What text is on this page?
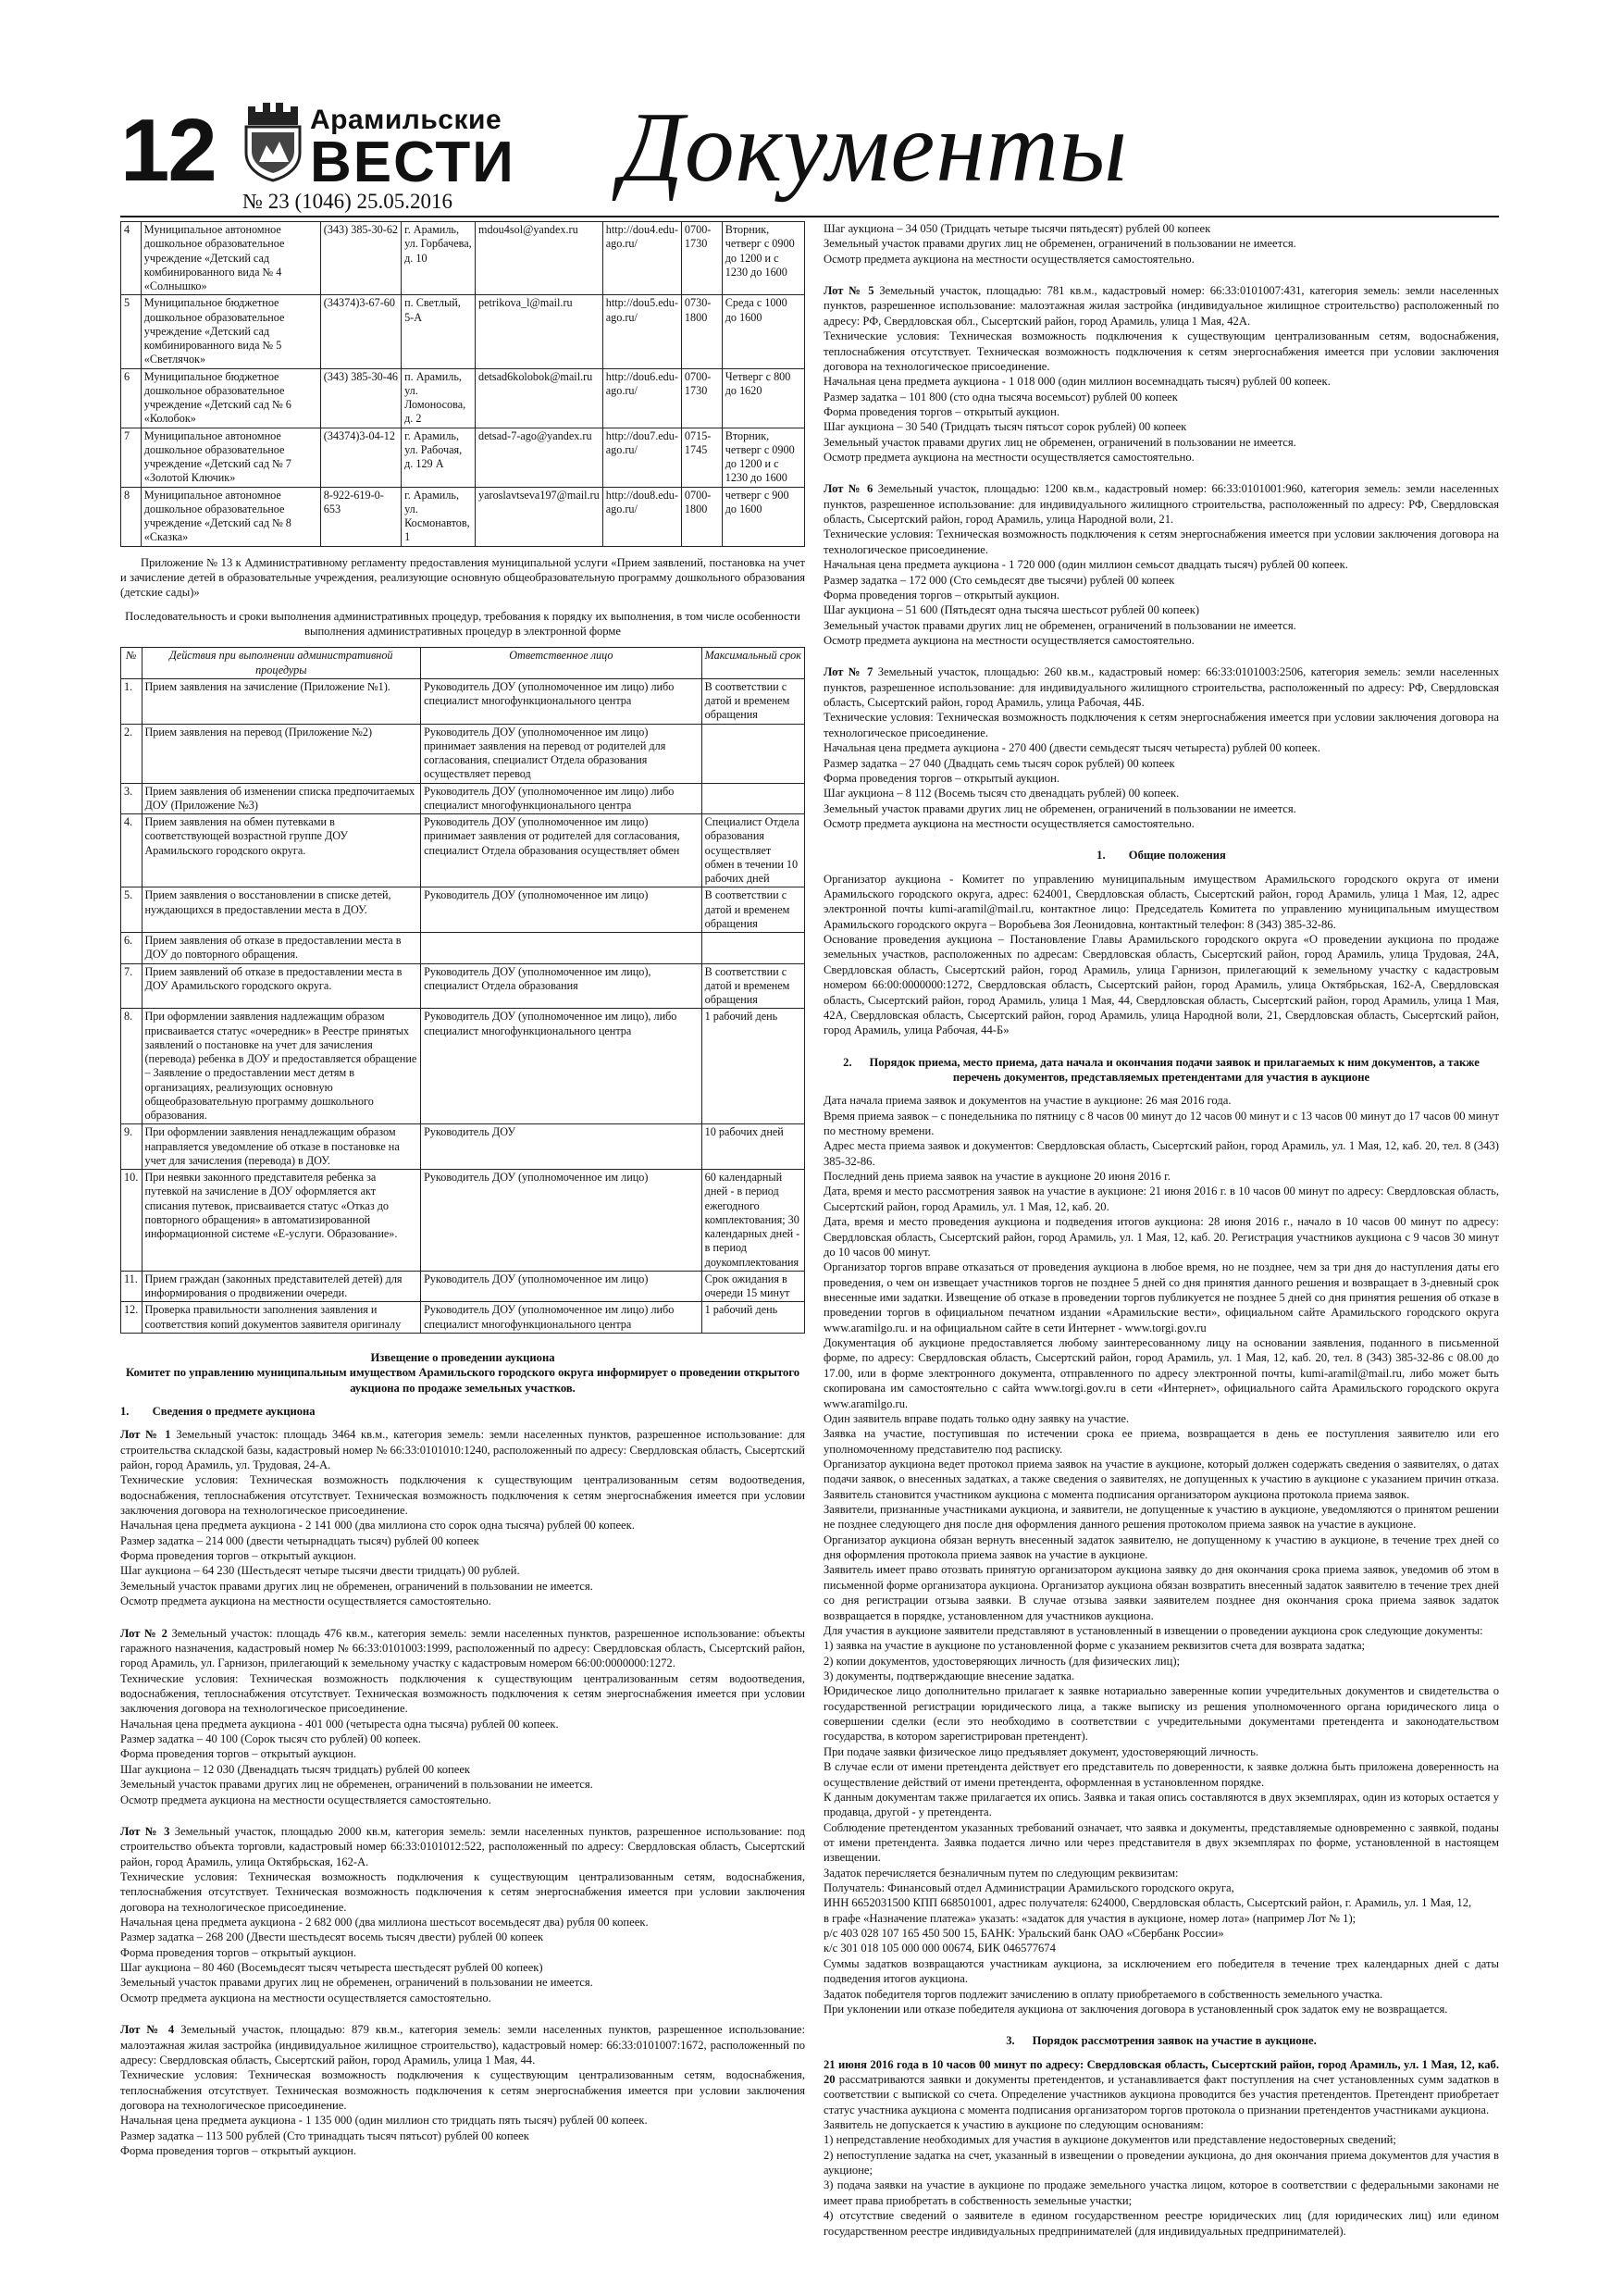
12	Арамильские
ВЕСТИ
№ 23 (1046) 25.05.2016 Документы
4	Муниципальное автономное дошкольное образовательное учреждение «Детский сад комбинированного вида № 4 «Солнышко»	(343) 385-30-62	г. Арамиль, ул. Горбачева, д. 10	mdou4sol@yandex.ru	http://dou4.edu-ago.ru/	0700-1730	Вторник, четверг с 0900 до 1200 и с 1230 до 1600
5	Муниципальное бюджетное дошкольное образовательное учреждение «Детский сад комбинированного вида № 5 «Светлячок»	(34374)3-67-60	п. Светлый, 5-А	petrikova_l@mail.ru	http://dou5.edu-ago.ru/	0730-1800	Среда с 1000 до 1600
6	Муниципальное бюджетное дошкольное образовательное учреждение «Детский сад № 6 «Колобок»	(343) 385-30-46	п. Арамиль, ул. Ломоносова, д. 2	detsad6kolobok@mail.ru	http://dou6.edu-ago.ru/	0700-1730	Четверг с 800 до 1620
7	Муниципальное автономное дошкольное образовательное учреждение «Детский сад № 7 «Золотой Ключик»	(34374)3-04-12	г. Арамиль, ул. Рабочая, д. 129 А	detsad-7-ago@yandex.ru	http://dou7.edu-ago.ru/	0715-1745	Вторник, четверг с 0900 до 1200 и с 1230 до 1600
8	Муниципальное автономное дошкольное образовательное учреждение «Детский сад № 8 «Сказка»	8-922-619-0-653	г. Арамиль, ул. Космонавтов, 1	yaroslavtseva197@mail.ru	http://dou8.edu-ago.ru/	0700-1800	четверг с 900 до 1600

Приложение № 13 к Административному регламенту предоставления муниципальной услуги «Прием заявлений, постановка на учет и зачисление детей в образовательные учреждения, реализующие основную общеобразовательную программу дошкольного образования (детские сады)»

Последовательность и сроки выполнения административных процедур, требования к порядку их выполнения, в том числе особенности выполнения административных процедур в электронной форме

№	Действия при выполнении административной процедуры	Ответственное лицо	Максимальный срок
1.	Прием заявления на зачисление (Приложение №1).	Руководитель ДОУ (уполномоченное им лицо) либо специалист многофункционального центра	В соответствии с датой и временем обращения
2.	Прием заявления на перевод (Приложение №2)	Руководитель ДОУ (уполномоченное им лицо) принимает заявления на перевод от родителей для согласования, специалист Отдела образования осуществляет перевод	
3.	Прием заявления об изменении списка предпочитаемых ДОУ (Приложение №3)	Руководитель ДОУ (уполномоченное им лицо) либо специалист многофункционального центра	
4.	Прием заявления на обмен путевками в соответствующей возрастной группе ДОУ Арамильского городского округа.	Руководитель ДОУ (уполномоченное им лицо) принимает заявления от родителей для согласования, специалист Отдела образования осуществляет обмен	Специалист Отдела образования осуществляет обмен в течении 10 рабочих дней
5.	Прием заявления о восстановлении в списке детей, нуждающихся в предоставлении места в ДОУ.	Руководитель ДОУ (уполномоченное им лицо)	В соответствии с датой и временем обращения
6.	Прием заявления об отказе в предоставлении места в ДОУ до повторного обращения.		
7.	Прием заявлений об отказе в предоставлении места в ДОУ Арамильского городского округа.	Руководитель ДОУ (уполномоченное им лицо), специалист Отдела образования	В соответствии с датой и временем обращения
8.	При оформлении заявления надлежащим образом присваивается статус «очередник» в Реестре принятых заявлений о постановке на учет для зачисления (перевода) ребенка в ДОУ и предоставляется обращение – Заявление о предоставлении мест детям в организациях, реализующих основную общеобразовательную программу дошкольного образования.	Руководитель ДОУ (уполномоченное им лицо), либо специалист многофункционального центра	1 рабочий день
9.	При оформлении заявления ненадлежащим образом направляется уведомление об отказе в постановке на учет для зачисления (перевода) в ДОУ.	Руководитель ДОУ	10 рабочих дней
10.	При неявки законного представителя ребенка за путевкой на зачисление в ДОУ оформляется акт списания путевок, присваивается статус «Отказ до повторного обращения» в автоматизированной информационной системе «Е-услуги. Образование».	Руководитель ДОУ (уполномоченное им лицо)	60 календарный дней - в период ежегодного комплектования; 30 календарных дней - в период доукомплектования
11.	Прием граждан (законных представителей детей) для информирования о продвижении очереди.	Руководитель ДОУ (уполномоченное им лицо)	Срок ожидания в очереди 15 минут
12.	Проверка правильности заполнения заявления и соответствия копий документов заявителя оригиналу	Руководитель ДОУ (уполномоченное им лицо) либо специалист многофункционального центра	1 рабочий день

Извещение о проведении аукциона

Комитет по управлению муниципальным имуществом Арамильского городского округа информирует о проведении открытого аукциона по продаже земельных участков.

1. Сведения о предмете аукциона

Лот № 1 Земельный участок: площадь 3464 кв.м., категория земель: земли населенных пунктов, разрешенное использование: для строительства складской базы, кадастровый номер № 66:33:0101010:1240, расположенный по адресу: Свердловская область, Сысертский район, город Арамиль, ул. Трудовая, 24-А.

Технические условия: Техническая возможность подключения к существующим централизованным сетям водоотведения, водоснабжения, теплоснабжения отсутствует. Техническая возможность подключения к сетям энергоснабжения имеется при условии заключения договора на технологическое присоединение.

Начальная цена предмета аукциона - 2 141 000 (два миллиона сто сорок одна тысяча) рублей 00 копеек.

Размер задатка – 214 000 (двести четырнадцать тысяч) рублей 00 копеек

Форма проведения торгов – открытый аукцион.

Шаг аукциона – 64 230 (Шестьдесят четыре тысячи двести тридцать) 00 рублей.

Земельный участок правами других лиц не обременен, ограничений в пользовании не имеется.

Осмотр предмета аукциона на местности осуществляется самостоятельно.

Лот № 2 Земельный участок: площадь 476 кв.м., категория земель: земли населенных пунктов, разрешенное использование: объекты гаражного назначения, кадастровый номер № 66:33:0101003:1999, расположенный по адресу: Свердловская область, Сысертский район, город Арамиль, ул. Гарнизон, прилегающий к земельному участку с кадастровым номером 66:00:0000000:1272.

Технические условия: Техническая возможность подключения к существующим централизованным сетям водоотведения, водоснабжения, теплоснабжения отсутствует. Техническая возможность подключения к сетям энергоснабжения имеется при условии заключения договора на технологическое присоединение.

Начальная цена предмета аукциона - 401 000 (четыреста одна тысяча) рублей 00 копеек.

Размер задатка – 40 100 (Сорок тысяч сто рублей) 00 копеек.

Форма проведения торгов – открытый аукцион.

Шаг аукциона – 12 030 (Двенадцать тысяч тридцать) рублей 00 копеек

Земельный участок правами других лиц не обременен, ограничений в пользовании не имеется.

Осмотр предмета аукциона на местности осуществляется самостоятельно.

Лот № 3 Земельный участок, площадью 2000 кв.м, категория земель: земли населенных пунктов, разрешенное использование: под строительство объекта торговли, кадастровый номер 66:33:0101012:522, расположенный по адресу: Свердловская область, Сысертский район, город Арамиль, улица Октябрьская, 162-А.

Технические условия: Техническая возможность подключения к существующим централизованным сетям, водоснабжения, теплоснабжения отсутствует. Техническая возможность подключения к сетям энергоснабжения имеется при условии заключения договора на технологическое присоединение.

Начальная цена предмета аукциона - 2 682 000 (два миллиона шестьсот восемьдесят два) рубля 00 копеек.

Размер задатка – 268 200 (Двести шестьдесят восемь тысяч двести) рублей 00 копеек

Форма проведения торгов – открытый аукцион.

Шаг аукциона – 80 460 (Восемьдесят тысяч четыреста шестьдесят рублей 00 копеек)

Земельный участок правами других лиц не обременен, ограничений в пользовании не имеется.

Осмотр предмета аукциона на местности осуществляется самостоятельно.

Лот № 4 Земельный участок, площадью: 879 кв.м., категория земель: земли населенных пунктов, разрешенное использование: малоэтажная жилая застройка (индивидуальное жилищное строительство), кадастровый номер: 66:33:0101007:1672, расположенный по адресу: Свердловская область, Сысертский район, город Арамиль, улица 1 Мая, 44.

Технические условия: Техническая возможность подключения к существующим централизованным сетям, водоснабжения, теплоснабжения отсутствует. Техническая возможность подключения к сетям энергоснабжения имеется при условии заключения договора на технологическое присоединение.

Начальная цена предмета аукциона - 1 135 000 (один миллион сто тридцать пять тысяч) рублей 00 копеек.

Размер задатка – 113 500 рублей (Сто тринадцать тысяч пятьсот) рублей 00 копеек

Форма проведения торгов – открытый аукцион.

Шаг аукциона – 34 050 (Тридцать четыре тысячи пятьдесят) рублей 00 копеек

Земельный участок правами других лиц не обременен, ограничений в пользовании не имеется.

Осмотр предмета аукциона на местности осуществляется самостоятельно.

Лот № 5 Земельный участок, площадью: 781 кв.м., кадастровый номер: 66:33:0101007:431, категория земель: земли населенных пунктов, разрешенное использование: малоэтажная жилая застройка (индивидуальное жилищное строительство) расположенный по адресу: РФ, Свердловская обл., Сысертский район, город Арамиль, улица 1 Мая, 42А.

Технические условия: Техническая возможность подключения к существующим централизованным сетям, водоснабжения, теплоснабжения отсутствует. Техническая возможность подключения к сетям энергоснабжения имеется при условии заключения договора на технологическое присоединение.

Начальная цена предмета аукциона - 1 018 000 (один миллион восемнадцать тысяч) рублей 00 копеек.

Размер задатка – 101 800 (сто одна тысяча восемьсот) рублей 00 копеек

Форма проведения торгов – открытый аукцион.

Шаг аукциона – 30 540 (Тридцать тысяч пятьсот сорок рублей) 00 копеек

Земельный участок правами других лиц не обременен, ограничений в пользовании не имеется.

Осмотр предмета аукциона на местности осуществляется самостоятельно.

Лот № 6 Земельный участок, площадью: 1200 кв.м., кадастровый номер: 66:33:0101001:960, категория земель: земли населенных пунктов, разрешенное использование: для индивидуального жилищного строительства, расположенный по адресу: РФ, Свердловская область, Сысертский район, город Арамиль, улица Народной воли, 21.

Технические условия: Техническая возможность подключения к сетям энергоснабжения имеется при условии заключения договора на технологическое присоединение.

Начальная цена предмета аукциона - 1 720 000 (один миллион семьсот двадцать тысяч) рублей 00 копеек.

Размер задатка – 172 000 (Сто семьдесят две тысячи) рублей 00 копеек

Форма проведения торгов – открытый аукцион.

Шаг аукциона – 51 600 (Пятьдесят одна тысяча шестьсот рублей 00 копеек)

Земельный участок правами других лиц не обременен, ограничений в пользовании не имеется.

Осмотр предмета аукциона на местности осуществляется самостоятельно.

Лот № 7 Земельный участок, площадью: 260 кв.м., кадастровый номер: 66:33:0101003:2506, категория земель: земли населенных пунктов, разрешенное использование: для индивидуального жилищного строительства, расположенный по адресу: РФ, Свердловская область, Сысертский район, город Арамиль, улица Рабочая, 44Б.

Технические условия: Техническая возможность подключения к сетям энергоснабжения имеется при условии заключения договора на технологическое присоединение.

Начальная цена предмета аукциона - 270 400 (двести семьдесят тысяч четыреста) рублей 00 копеек.

Размер задатка – 27 040 (Двадцать семь тысяч сорок рублей) 00 копеек

Форма проведения торгов – открытый аукцион.

Шаг аукциона – 8 112 (Восемь тысяч сто двенадцать рублей) 00 копеек.

Земельный участок правами других лиц не обременен, ограничений в пользовании не имеется.

Осмотр предмета аукциона на местности осуществляется самостоятельно.

1. Общие положения

Организатор аукциона - Комитет по управлению муниципальным имуществом Арамильского городского округа от имени Арамильского городского округа, адрес: 624001, Свердловская область, Сысертский район, город Арамиль, улица 1 Мая, 12, адрес электронной почты kumi-aramil@mail.ru, контактное лицо: Председатель Комитета по управлению муниципальным имуществом Арамильского городского округа – Воробьева Зоя Леонидовна, контактный телефон: 8 (343) 385-32-86.

Основание проведения аукциона – Постановление Главы Арамильского городского округа «О проведении аукциона по продаже земельных участков, расположенных по адресам: Свердловская область, Сысертский район, город Арамиль, улица Трудовая, 24А, Свердловская область, Сысертский район, город Арамиль, улица Гарнизон, прилегающий к земельному участку с кадастровым номером 66:00:0000000:1272, Свердловская область, Сысертский район, город Арамиль, улица Октябрьская, 162-А, Свердловская область, Сысертский район, город Арамиль, улица 1 Мая, 44, Свердловская область, Сысертский район, город Арамиль, улица 1 Мая, 42А, Свердловская область, Сысертский район, город Арамиль, улица Народной воли, 21, Свердловская область, Сысертский район, город Арамиль, улица Рабочая, 44-Б»

2. Порядок приема, место приема, дата начала и окончания подачи заявок и прилагаемых к ним документов, а также перечень документов, представляемых претендентами для участия в аукционе

Дата начала приема заявок и документов на участие в аукционе: 26 мая 2016 года.

Время приема заявок – с понедельника по пятницу с 8 часов 00 минут до 12 часов 00 минут и с 13 часов 00 минут до 17 часов 00 минут по местному времени.

Адрес места приема заявок и документов: Свердловская область, Сысертский район, город Арамиль, ул. 1 Мая, 12, каб. 20, тел. 8 (343) 385-32-86.

Последний день приема заявок на участие в аукционе 20 июня 2016 г.

Дата, время и место рассмотрения заявок на участие в аукционе: 21 июня 2016 г. в 10 часов 00 минут по адресу: Свердловская область, Сысертский район, город Арамиль, ул. 1 Мая, 12, каб. 20.

Дата, время и место проведения аукциона и подведения итогов аукциона: 28 июня 2016 г., начало в 10 часов 00 минут по адресу: Свердловская область, Сысертский район, город Арамиль, ул. 1 Мая, 12, каб. 20. Регистрация участников аукциона с 9 часов 30 минут до 10 часов 00 минут.

Организатор торгов вправе отказаться от проведения аукциона в любое время, но не позднее, чем за три дня до наступления даты его проведения, о чем он извещает участников торгов не позднее 5 дней со дня принятия данного решения и возвращает в 3-дневный срок внесенные ими задатки. Извещение об отказе в проведении торгов публикуется не позднее 5 дней со дня принятия решения об отказе в проведении торгов в официальном печатном издании «Арамильские вести», официальном сайте Арамильского городского округа www.aramilgo.ru. и на официальном сайте в сети Интернет - www.torgi.gov.ru

Документация об аукционе предоставляется любому заинтересованному лицу на основании заявления, поданного в письменной форме, по адресу: Свердловская область, Сысертский район, город Арамиль, ул. 1 Мая, 12, каб. 20, тел. 8 (343) 385-32-86 с 08.00 до 17.00, или в форме электронного документа, отправленного по адресу электронной почты, kumi-aramil@mail.ru, либо может быть скопирована им самостоятельно с сайта www.torgi.gov.ru в сети «Интернет», официального сайта Арамильского городского округа www.aramilgo.ru.

Один заявитель вправе подать только одну заявку на участие.

Заявка на участие, поступившая по истечении срока ее приема, возвращается в день ее поступления заявителю или его уполномоченному представителю под расписку.

Организатор аукциона ведет протокол приема заявок на участие в аукционе, который должен содержать сведения о заявителях, о датах подачи заявок, о внесенных задатках, а также сведения о заявителях, не допущенных к участию в аукционе с указанием причин отказа. Заявитель становится участником аукциона с момента подписания организатором аукциона протокола приема заявок.

Заявители, признанные участниками аукциона, и заявители, не допущенные к участию в аукционе, уведомляются о принятом решении не позднее следующего дня после дня оформления данного решения протоколом приема заявок на участие в аукционе.

Организатор аукциона обязан вернуть внесенный задаток заявителю, не допущенному к участию в аукционе, в течение трех дней со дня оформления протокола приема заявок на участие в аукционе.

Заявитель имеет право отозвать принятую организатором аукциона заявку до дня окончания срока приема заявок, уведомив об этом в письменной форме организатора аукциона. Организатор аукциона обязан возвратить внесенный задаток заявителю в течение трех дней со дня регистрации отзыва заявки. В случае отзыва заявки заявителем позднее дня окончания срока приема заявок задаток возвращается в порядке, установленном для участников аукциона.

Для участия в аукционе заявители представляют в установленный в извещении о проведении аукциона срок следующие документы:

1) заявка на участие в аукционе по установленной форме с указанием реквизитов счета для возврата задатка;

2) копии документов, удостоверяющих личность (для физических лиц);

3) документы, подтверждающие внесение задатка.

Юридическое лицо дополнительно прилагает к заявке нотариально заверенные копии учредительных документов и свидетельства о государственной регистрации юридического лица, а также выписку из решения уполномоченного органа юридического лица о совершении сделки (если это необходимо в соответствии с учредительными документами претендента и законодательством государства, в котором зарегистрирован претендент).

При подаче заявки физическое лицо предъявляет документ, удостоверяющий личность.

В случае если от имени претендента действует его представитель по доверенности, к заявке должна быть приложена доверенность на осуществление действий от имени претендента, оформленная в установленном порядке.

К данным документам также прилагается их опись. Заявка и такая опись составляются в двух экземплярах, один из которых остается у продавца, другой - у претендента.

Соблюдение претендентом указанных требований означает, что заявка и документы, представляемые одновременно с заявкой, поданы от имени претендента. Заявка подается лично или через представителя в двух экземплярах по форме, установленной в настоящем извещении.

Задаток перечисляется безналичным путем по следующим реквизитам:

Получатель: Финансовый отдел Администрации Арамильского городского округа,

ИНН 6652031500 КПП 668501001, адрес получателя: 624000, Свердловская область, Сысертский район, г. Арамиль, ул. 1 Мая, 12,

в графе «Назначение платежа» указать: «задаток для участия в аукционе, номер лота» (например Лот № 1);

р/с 403 028 107 165 450 500 15, БАНК: Уральский банк ОАО «Сбербанк России»

к/с 301 018 105 000 000 00674, БИК 046577674

Суммы задатков возвращаются участникам аукциона, за исключением его победителя в течение трех календарных дней с даты подведения итогов аукциона.

Задаток победителя торгов подлежит зачислению в оплату приобретаемого в собственность земельного участка.

При уклонении или отказе победителя аукциона от заключения договора в установленный срок задаток ему не возвращается.

3. Порядок рассмотрения заявок на участие в аукционе.

21 июня 2016 года в 10 часов 00 минут по адресу: Свердловская область, Сысертский район, город Арамиль, ул. 1 Мая, 12, каб. 20 рассматриваются заявки и документы претендентов, и устанавливается факт поступления на счет установленных сумм задатков в соответствии с выпиской со счета. Определение участников аукциона проводится без участия претендентов. Претендент приобретает статус участника аукциона с момента подписания организатором торгов протокола о признании претендентов участниками аукциона.

Заявитель не допускается к участию в аукционе по следующим основаниям:

1) непредставление необходимых для участия в аукционе документов или представление недостоверных сведений;

2) непоступление задатка на счет, указанный в извещении о проведении аукциона, до дня окончания приема документов для участия в аукционе;

3) подача заявки на участие в аукционе по продаже земельного участка лицом, которое в соответствии с федеральными законами не имеет права приобретать в собственность земельные участки;

4) отсутствие сведений о заявителе в едином государственном реестре юридических лиц (для юридических лиц) или едином государственном реестре индивидуальных предпринимателей (для индивидуальных предпринимателей).
